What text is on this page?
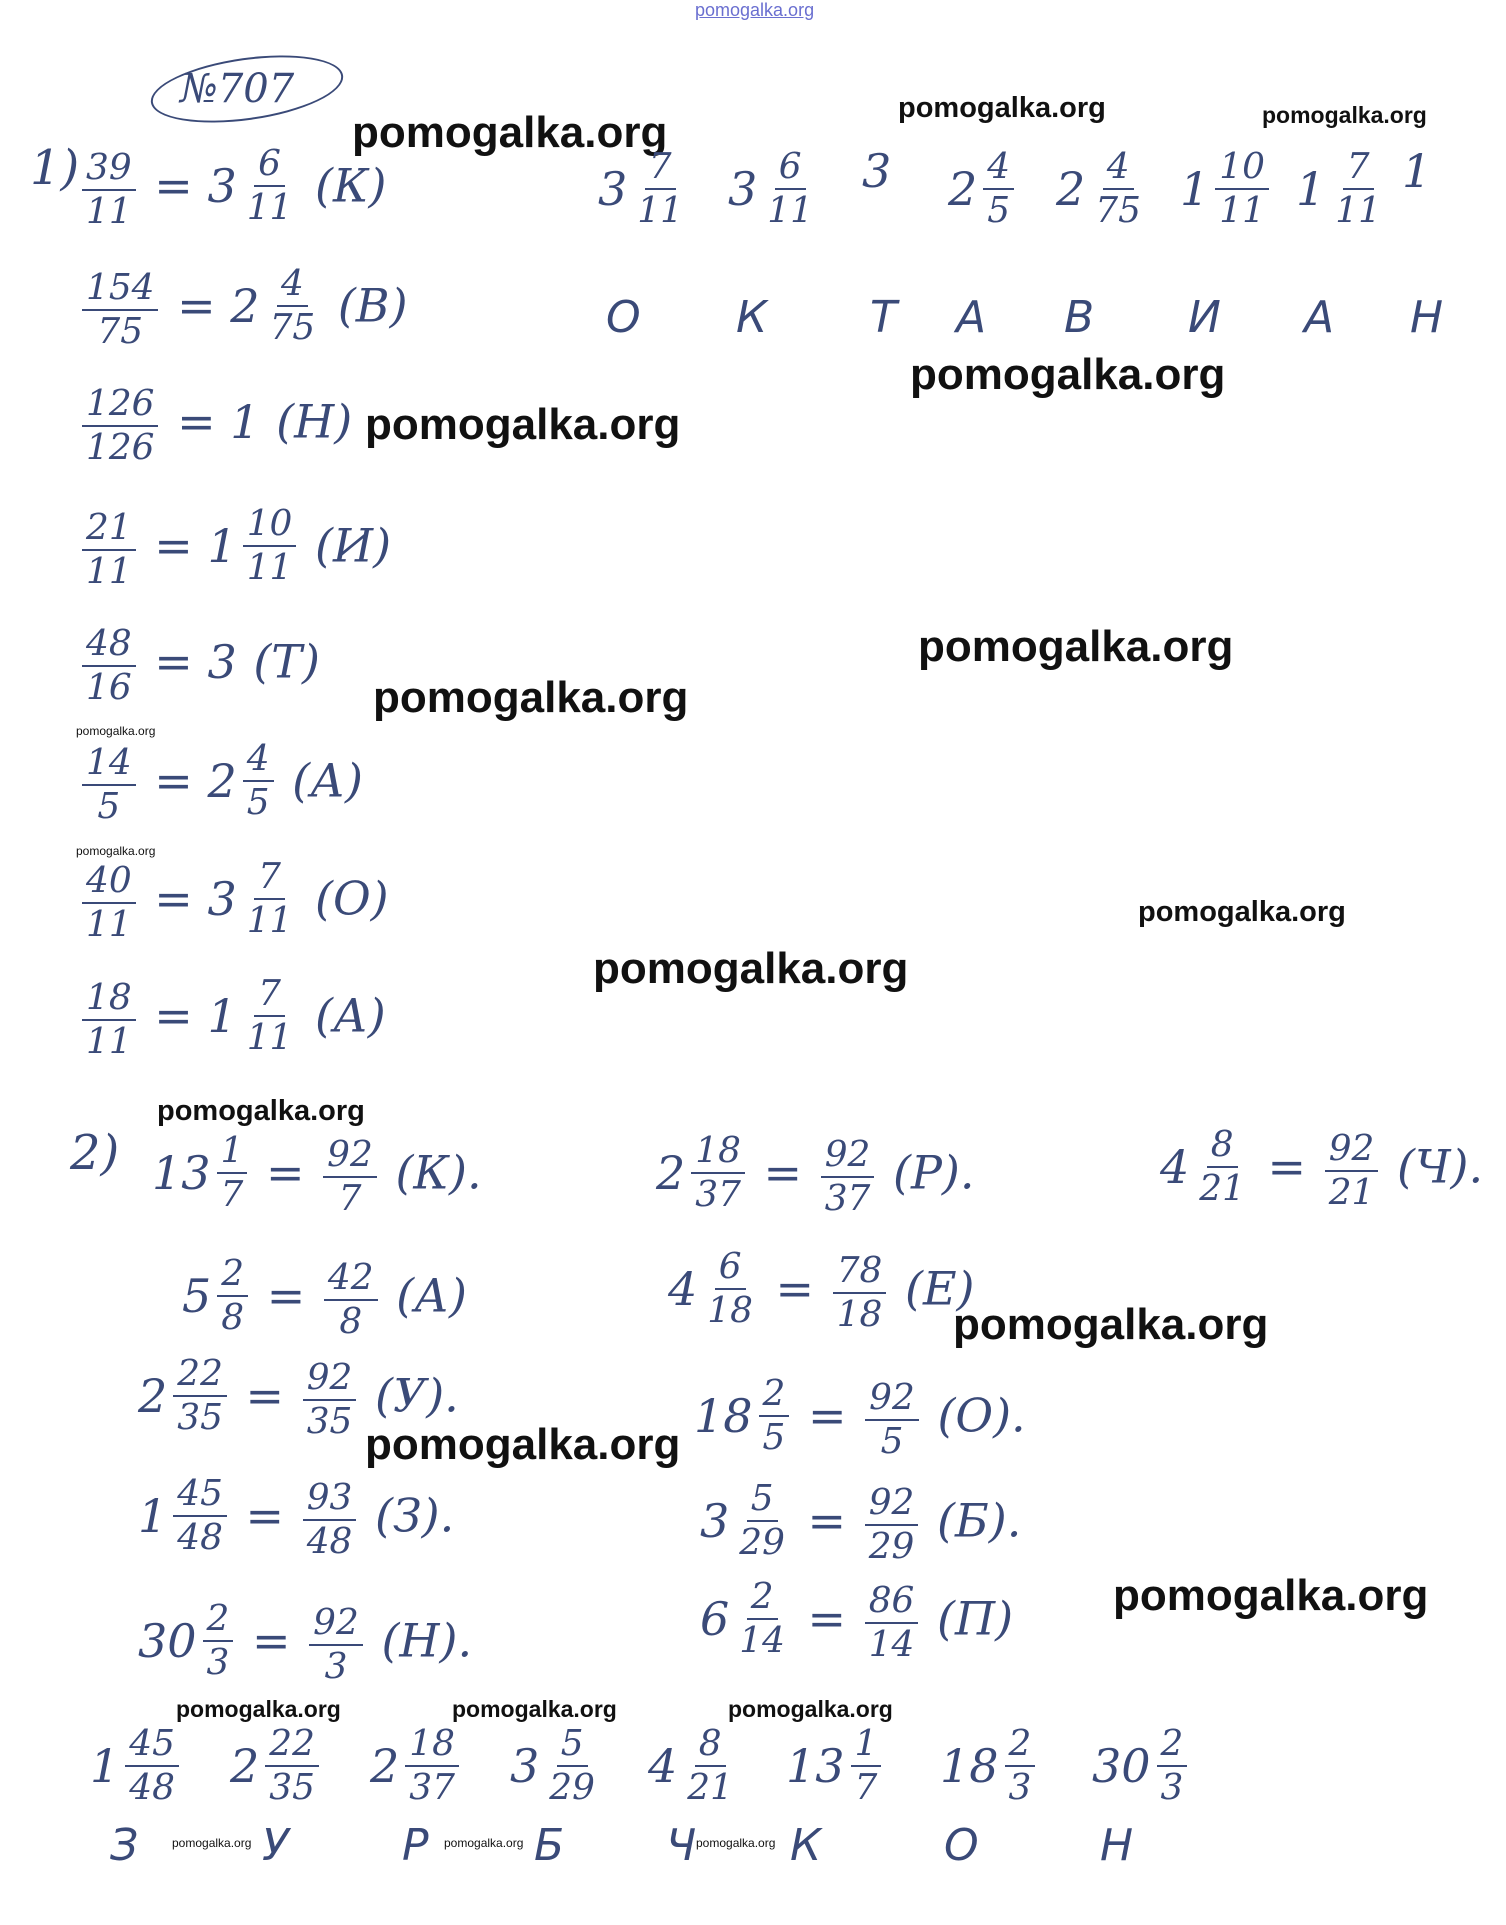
pomogalka.org
№707
1)
2)
pomogalka.org	pomogalka.org	pomogalka.org
pomogalka.org
pomogalka.org
pomogalka.org
pomogalka.org
pomogalka.org
pomogalka.org
pomogalka.org
pomogalka.org
pomogalka.org
pomogalka.org
pomogalka.org
pomogalka.org
pomogalka.org	pomogalka.org	pomogalka.org
pomogalka.org	pomogalka.org	pomogalka.org
$\frac{39}{11} = 3 \frac{6}{11} (К)$
$\frac{154}{75} = 2 \frac{4}{75} (В)$
$\frac{126}{126} = 1$ (Н)
$\frac{21}{11} = 1 \frac{10}{11} (И)$
$\frac{48}{16} = 3$ (Т)
$\frac{14}{5} = 2 \frac{4}{5} (А)$
$\frac{40}{11} = 3 \frac{7}{11} (О)$
$\frac{18}{11} = 1 \frac{7}{11} (А)$
$3 \frac{7}{11} 3 \frac{6}{11} 3$ $2 \frac{4}{5} 2 \frac{4}{75} 1 \frac{10}{11} 1 \frac{7}{11} 1$
О К Т А В И А Н
$13 \frac{1}{7} = \frac{92}{7} (К)$.	$2 \frac{18}{37} = \frac{92}{37} (Р)$.	$4 \frac{8}{21} = \frac{92}{21} (Ч)$.
$5 \frac{2}{8} = \frac{42}{8} (А)$	$4 \frac{6}{18} = \frac{78}{18} (Е)$
$2 \frac{22}{35} = \frac{92}{35} (У)$.	$18 \frac{2}{5} = \frac{92}{5} (О)$.
$1 \frac{45}{48} = \frac{93}{48} (З)$.	$3 \frac{5}{29} = \frac{92}{29} (Б)$.
$30 \frac{2}{3} = \frac{92}{3} (Н)$.	$6 \frac{2}{14} = \frac{86}{14} (П)$
$1 \frac{45}{48} 2 \frac{22}{35} 2 \frac{18}{37} 3 \frac{5}{29} 4 \frac{8}{21} 13 \frac{1}{7} 18 \frac{2}{3} 30 \frac{2}{3}$
З	У	Р Б Ч К	О	Н
